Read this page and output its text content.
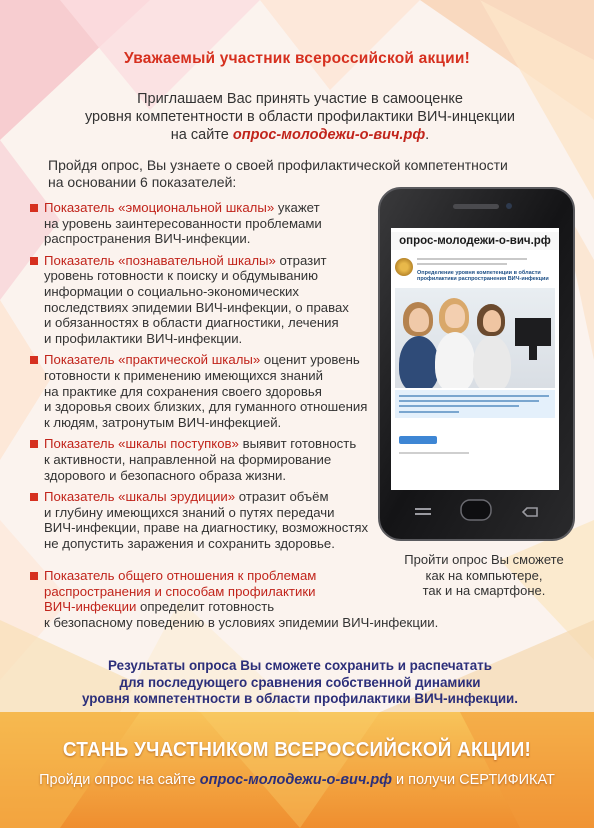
Уважаемый участник всероссийской акции!
Приглашаем Вас принять участие в самооценке
уровня компетентности в области профилактики ВИЧ-инцекции
на сайте опрос-молодежи-о-вич.рф.
Пройдя опрос, Вы узнаете о своей профилактической компетентности
на основании 6 показателей:
Показатель «эмоциональной шкалы» укажет
на уровень заинтересованности проблемами
распространения ВИЧ-инфекции.
Показатель «познавательной шкалы» отразит
уровень готовности к поиску и обдумыванию
информации о социально-экономических
последствиях эпидемии ВИЧ-инфекции, о правах
и обязанностях в области диагностики, лечения
и профилактики ВИЧ-инфекции.
Показатель «практической шкалы» оценит уровень
готовности к применению имеющихся знаний
на практике для сохранения своего здоровья
и здоровья своих близких, для гуманного отношения
к людям, затронутым ВИЧ-инфекцией.
Показатель «шкалы поступков» выявит готовность
к активности, направленной на формирование
здорового и безопасного образа жизни.
Показатель «шкалы эрудиции» отразит объём
и глубину имеющихся знаний о путях передачи
ВИЧ-инфекции, праве на диагностику, возможностях
не допустить заражения и сохранить здоровье.
Показатель общего отношения к проблемам
распространения и способам профилактики
ВИЧ-инфекции определит готовность
к безопасному поведению в условиях эпидемии ВИЧ-инфекции.
опрос-молодежи-о-вич.рф
Определение уровня компетенции в области профилактики распространения ВИЧ-инфекции
Пройти опрос Вы сможете
как на компьютере,
так и на смартфоне.
Результаты опроса Вы сможете сохранить и распечатать
для последующего сравнения собственной динамики
уровня компетентности в области профилактики ВИЧ-инфекции.
СТАНЬ УЧАСТНИКОМ ВСЕРОССИЙСКОЙ АКЦИИ!
Пройди опрос на сайте опрос-молодежи-о-вич.рф и получи СЕРТИФИКАТ
